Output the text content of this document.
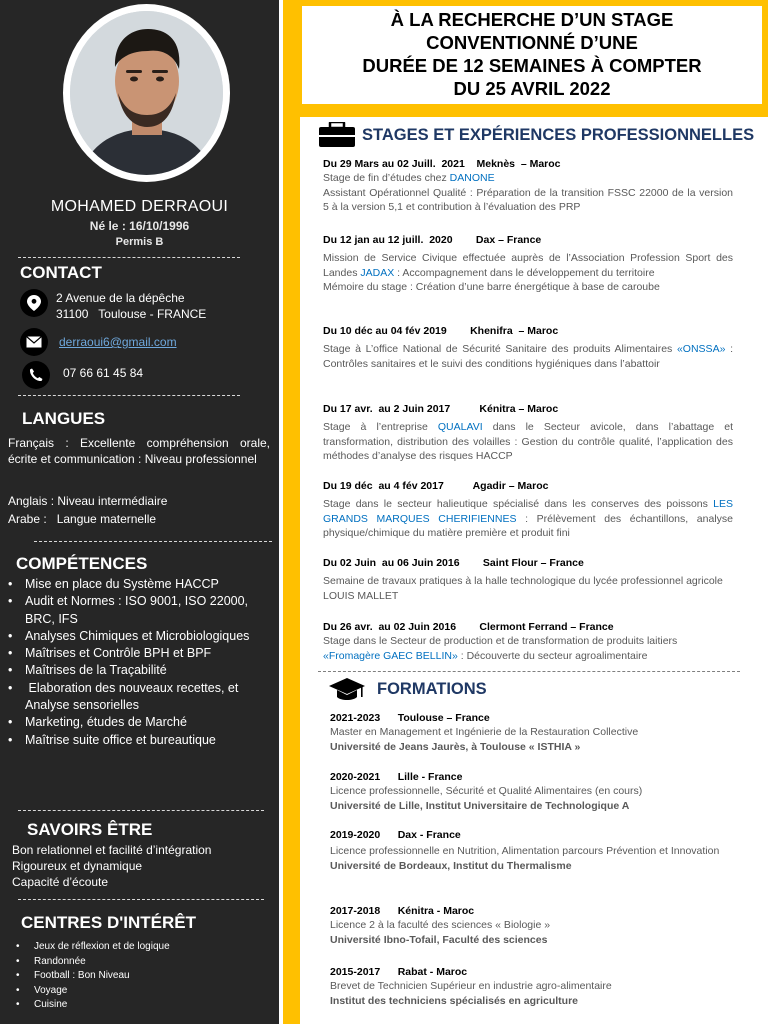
MOHAMED DERRAOUI
Né le : 16/10/1996
Permis B
CONTACT
2 Avenue de la dépêche
31100   Toulouse - FRANCE
derraoui6@gmail.com
07 66 61 45 84
LANGUES
Français : Excellente compréhension orale, écrite et communication : Niveau professionnel
Anglais : Niveau intermédiaire
Arabe :   Langue maternelle
COMPÉTENCES
• Mise en place du Système HACCP
• Audit et Normes : ISO 9001, ISO 22000, BRC, IFS
• Analyses Chimiques et Microbiologiques
• Maîtrises et Contrôle BPH et BPF
• Maîtrises de la Traçabilité
•  Elaboration des nouveaux recettes, et Analyse sensorielles
• Marketing, études de Marché
• Maîtrise suite office et bureautique
SAVOIRS ÊTRE
Bon relationnel et facilité d’intégration
Rigoureux et dynamique
Capacité d’écoute
CENTRES D'INTÉRÊT
• Jeux de réflexion et de logique
• Randonnée
• Football : Bon Niveau
• Voyage
• Cuisine
À LA RECHERCHE D’UN STAGE
CONVENTIONNÉ D’UNE
DURÉE DE 12 SEMAINES À COMPTER
DU 25 AVRIL 2022
STAGES ET EXPÉRIENCES PROFESSIONNELLES
Du 29 Mars au 02 Juill.  2021    Meknès  – Maroc
Stage de fin d’études chez DANONE
Assistant Opérationnel Qualité : Préparation de la transition FSSC 22000 de la version 5 à la version 5,1 et contribution à l’évaluation des PRP
Du 12 jan au 12 juill.  2020        Dax – France
Mission de Service Civique effectuée auprès de l’Association Profession Sport des Landes JADAX : Accompagnement dans le développement du territoire
Mémoire du stage : Création d’une barre énergétique à base de caroube
Du 10 déc au 04 fév 2019        Khenifra  – Maroc
Stage à L’office National de Sécurité Sanitaire des produits Alimentaires «ONSSA» : Contrôles sanitaires et le suivi des conditions hygiéniques dans l’abattoir
Du 17 avr.  au 2 Juin 2017          Kénitra – Maroc
Stage à l’entreprise QUALAVI dans le Secteur avicole, dans l’abattage et transformation, distribution des volailles : Gestion du contrôle qualité, l’application des méthodes d’analyse des risques HACCP
Du 19 déc  au 4 fév 2017          Agadir – Maroc
Stage dans le secteur halieutique spécialisé dans les conserves des poissons LES GRANDS MARQUES CHERIFIENNES : Prélèvement des échantillons, analyse physique/chimique du matière première et produit fini
Du 02 Juin  au 06 Juin 2016        Saint Flour – France
Semaine de travaux pratiques à la halle technologique du lycée professionnel agricole LOUIS MALLET
Du 26 avr.  au 02 Juin 2016        Clermont Ferrand – France
Stage dans le Secteur de production et de transformation de produits laitiers «Fromagère GAEC BELLIN» : Découverte du secteur agroalimentaire
FORMATIONS
2021-2023      Toulouse – France
Master en Management et Ingénierie de la Restauration Collective
Université de Jeans Jaurès, à Toulouse « ISTHIA »
2020-2021      Lille - France
Licence professionnelle, Sécurité et Qualité Alimentaires (en cours)
Université de Lille, Institut Universitaire de Technologique A
2019-2020      Dax - France
Licence professionnelle en Nutrition, Alimentation parcours Prévention et Innovation
Université de Bordeaux, Institut du Thermalisme
2017-2018      Kénitra - Maroc
Licence 2 à la faculté des sciences « Biologie »
Université Ibno-Tofail, Faculté des sciences
2015-2017      Rabat - Maroc
Brevet de Technicien Supérieur en industrie agro-alimentaire
Institut des techniciens spécialisés en agriculture
